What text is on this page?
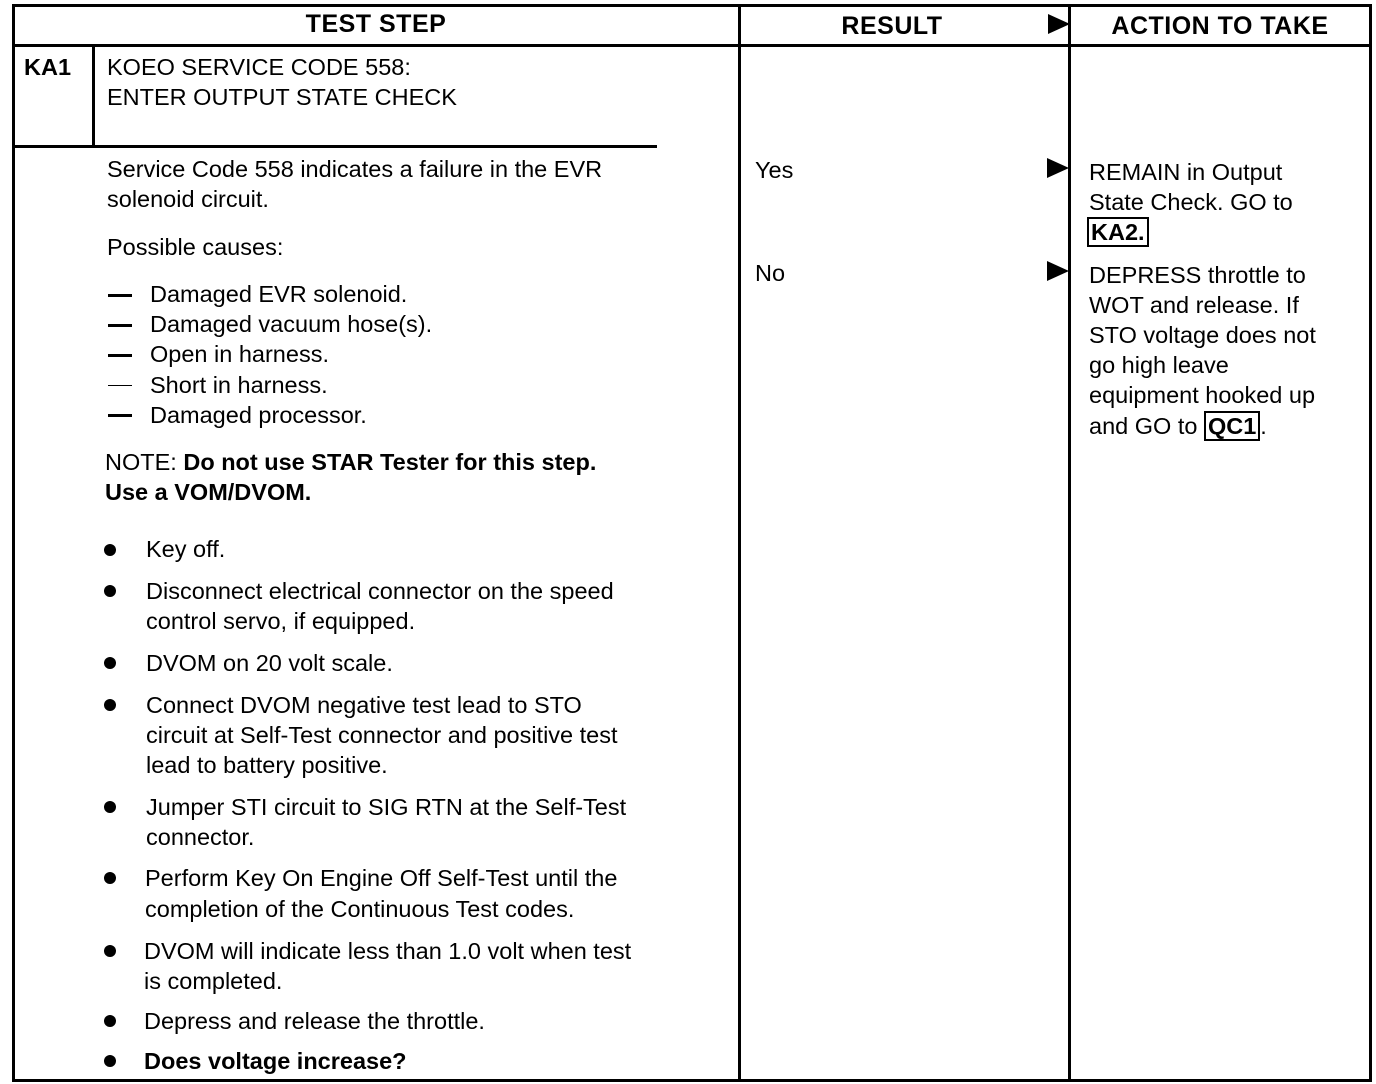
TEST STEP	RESULT	ACTION TO TAKE
KA1 KOEO SERVICE CODE 558:
ENTER OUTPUT STATE CHECK
Service Code 558 indicates a failure in the EVR
solenoid circuit.
Possible causes:
Damaged EVR solenoid.
Damaged vacuum hose(s).
Open in harness.
Short in harness.
Damaged processor.
NOTE: Do not use STAR Tester for this step.
Use a VOM/DVOM.
Key off.
Disconnect electrical connector on the speed
control servo, if equipped.
DVOM on 20 volt scale.
Connect DVOM negative test lead to STO
circuit at Self-Test connector and positive test
lead to battery positive.
Jumper STI circuit to SIG RTN at the Self-Test
connector.
Perform Key On Engine Off Self-Test until the
completion of the Continuous Test codes.
DVOM will indicate less than 1.0 volt when test
is completed.
Depress and release the throttle.
Does voltage increase?
Yes
No
REMAIN in Output
State Check. GO to
KA2.
DEPRESS throttle to
WOT and release. If
STO voltage does not
go high leave
equipment hooked up
and GO to QC1 .
